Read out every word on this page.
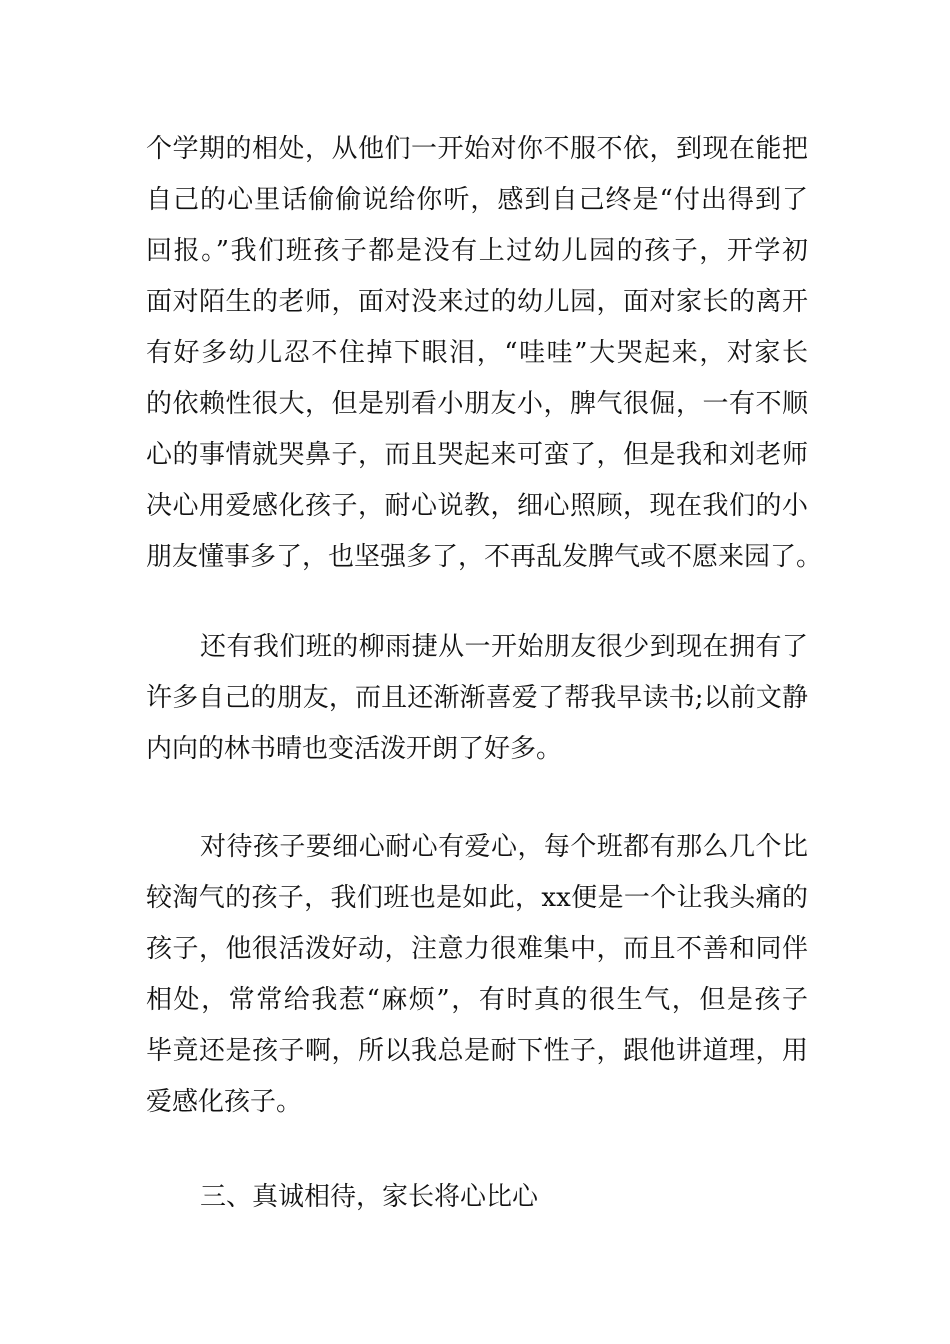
个学期的相处，从他们一开始对你不服不依，到现在能把
自己的心里话偷偷说给你听，感到自己终是“付出得到了
回报。”我们班孩子都是没有上过幼儿园的孩子，开学初
面对陌生的老师，面对没来过的幼儿园，面对家长的离开
有好多幼儿忍不住掉下眼泪，“哇哇”大哭起来，对家长
的依赖性很大，但是别看小朋友小，脾气很倔，一有不顺
心的事情就哭鼻子，而且哭起来可蛮了，但是我和刘老师
决心用爱感化孩子，耐心说教，细心照顾，现在我们的小
朋友懂事多了，也坚强多了，不再乱发脾气或不愿来园了。
还有我们班的柳雨捷从一开始朋友很少到现在拥有了
许多自己的朋友，而且还渐渐喜爱了帮我早读书;以前文静
内向的林书晴也变活泼开朗了好多。
对待孩子要细心耐心有爱心，每个班都有那么几个比
较淘气的孩子，我们班也是如此，xx便是一个让我头痛的
孩子，他很活泼好动，注意力很难集中，而且不善和同伴
相处，常常给我惹“麻烦”，有时真的很生气，但是孩子
毕竟还是孩子啊，所以我总是耐下性子，跟他讲道理，用
爱感化孩子。
三、真诚相待，家长将心比心
